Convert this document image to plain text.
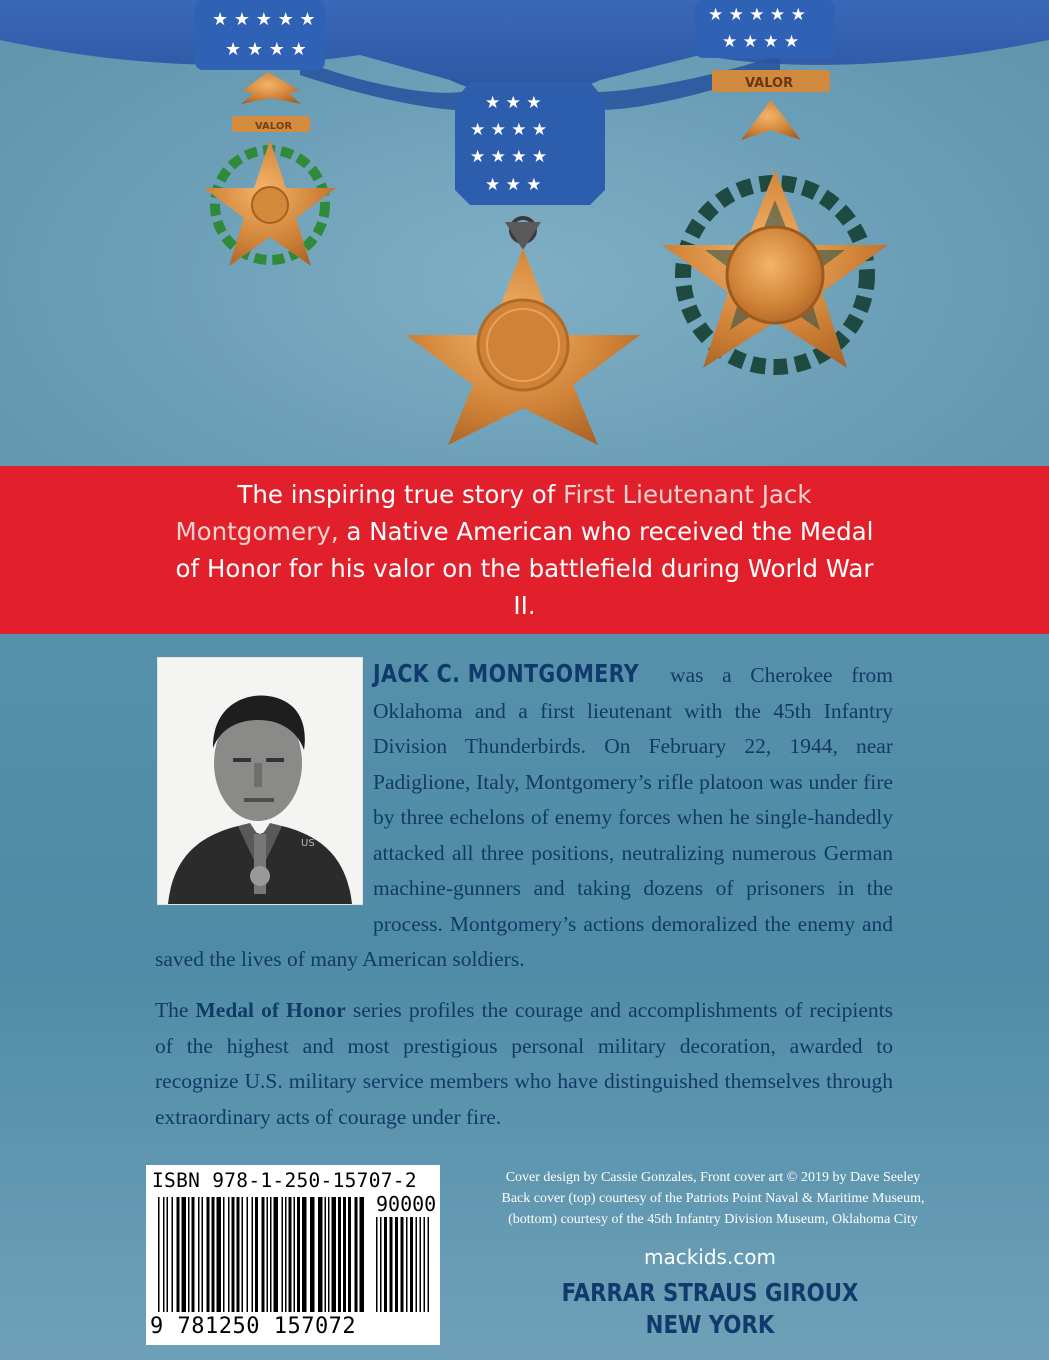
★ ★ ★ ★ ★
★ ★ ★ ★
★ ★ ★
★ ★ ★ ★
★ ★ ★ ★
★ ★ ★
★ ★ ★ ★ ★
★ ★ ★ ★
VALOR
VALOR

The inspiring true story of First Lieutenant Jack Montgomery, a Native American who received the Medal of Honor for his valor on the battlefield during World War II.

US

JACK C. MONTGOMERY was a Cherokee from Oklahoma and a first lieutenant with the 45th Infantry Division Thunderbirds. On February 22, 1944, near Padiglione, Italy, Montgomery’s rifle platoon was under fire by three echelons of enemy forces when he single-handedly attacked all three positions, neutralizing numerous German machine-gunners and taking dozens of prisoners in the process. Montgomery’s actions demoralized the enemy and saved the lives of many American soldiers.

The Medal of Honor series profiles the courage and accomplishments of recipients of the highest and most prestigious personal military decoration, awarded to recognize U.S. military service members who have distinguished themselves through extraordinary acts of courage under fire.

ISBN 978-1-250-15707-2
90000
9 781250 157072
Cover design by Cassie Gonzales, Front cover art © 2019 by Dave Seeley
Back cover (top) courtesy of the Patriots Point Naval & Maritime Museum,
(bottom) courtesy of the 45th Infantry Division Museum, Oklahoma City
mackids.com
FARRAR STRAUS GIROUX
NEW YORK
